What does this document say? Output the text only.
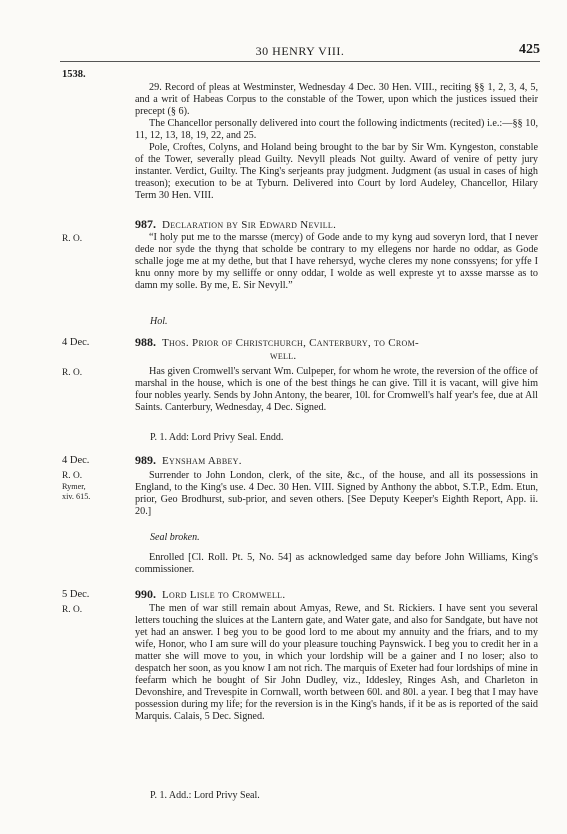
30 HENRY VIII.	425
1538.

29. Record of pleas at Westminster, Wednesday 4 Dec. 30 Hen. VIII., reciting §§ 1, 2, 3, 4, 5, and a writ of Habeas Corpus to the constable of the Tower, upon which the justices issued their precept (§ 6).

The Chancellor personally delivered into court the following indictments (recited) i.e.:—§§ 10, 11, 12, 13, 18, 19, 22, and 25.

Pole, Croftes, Colyns, and Holand being brought to the bar by Sir Wm. Kyngeston, constable of the Tower, severally plead Guilty. Nevyll pleads Not guilty. Award of venire of petty jury instanter. Verdict, Guilty. The King's serjeants pray judgment. Judgment (as usual in cases of high treason); execution to be at Tyburn. Delivered into Court by lord Audeley, Chancellor, Hilary Term 30 Hen. VIII.

987. Declaration by Sir Edward Nevill.
R. O.	“I holy put me to the marsse (mercy) of Gode ande to my kyng aud soveryn lord, that I never dede nor syde the thyng that scholde be contrary to my ellegens nor harde no oddar, as Gode schalle joge me at my dethe, but that I have rehersyd, wyche cleres my none conssyens; for yffe I knu onny more by my selliffe or onny oddar, I wolde as well expreste yt to axsse marsse as to damn my solle. By me, E. Sir Nevyll.”

Hol.
4 Dec.	988. Thos. Prior of Christchurch, Canterbury, to Crom-
well.
R. O.	Has given Cromwell's servant Wm. Culpeper, for whom he wrote, the reversion of the office of marshal in the house, which is one of the best things he can give. Till it is vacant, will give him four nobles yearly. Sends by John Antony, the bearer, 10l. for Cromwell's half year's fee, due at All Saints. Canterbury, Wednesday, 4 Dec. Signed.

P. 1. Add: Lord Privy Seal. Endd.
4 Dec.	989. Eynsham Abbey.
R. O.
Rymer,
xiv. 615.

Surrender to John London, clerk, of the site, &c., of the house, and all its possessions in England, to the King's use. 4 Dec. 30 Hen. VIII. Signed by Anthony the abbot, S.T.P., Edm. Etun, prior, Geo Brodhurst, sub-prior, and seven others. [See Deputy Keeper's Eighth Report, App. ii. 20.]

Seal broken.

Enrolled [Cl. Roll. Pt. 5, No. 54] as acknowledged same day before John Williams, King's commissioner.

5 Dec.	990. Lord Lisle to Cromwell.
R. O.	The men of war still remain about Amyas, Rewe, and St. Rickiers. I have sent you several letters touching the sluices at the Lantern gate, and Water gate, and also for Sandgate, but have not yet had an answer. I beg you to be good lord to me about my annuity and the friars, and to my wife, Honor, who I am sure will do your pleasure touching Paynswick. I beg you to credit her in a matter she will move to you, in which your lordship will be a gainer and I no loser; also to despatch her soon, as you know I am not rich. The marquis of Exeter had four lordships of mine in feefarm which he bought of Sir John Dudley, viz., Iddesley, Ringes Ash, and Charleton in Devonshire, and Trevespite in Cornwall, worth between 60l. and 80l. a year. I beg that I may have possession during my life; for the reversion is in the King's hands, if it be as is reported of the said Marquis. Calais, 5 Dec. Signed.

P. 1. Add.: Lord Privy Seal.
